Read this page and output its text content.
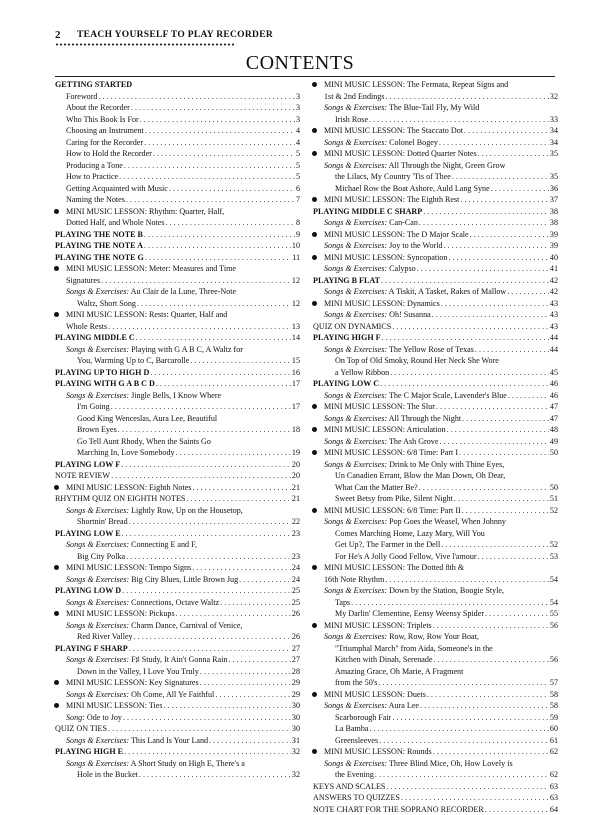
2 TEACH YOURSELF TO PLAY RECORDER
CONTENTS
GETTING STARTED
Foreword . . .	3
About the Recorder . . .	3
Who This Book Is For . . .	3
Choosing an Instrument . . .	4
Caring for the Recorder . . .	4
How to Hold the Recorder . . .	5
Producing a Tone . . .	5
How to Practice . . .	5
Getting Acquainted with Music . . .	6
Naming the Notes . . .	7
MINI MUSIC LESSON: Rhythm: Quarter, Half,
Dotted Half, and Whole Notes . . .	8
PLAYING THE NOTE B . . .	9
PLAYING THE NOTE A . . .	10
PLAYING THE NOTE G . . .	11
MINI MUSIC LESSON: Meter: Measures and Time
Signatures . . .	12
Songs & Exercises: Au Clair de la Lune, Three-Note
Waltz, Short Song . . .	12
MINI MUSIC LESSON: Rests: Quarter, Half and
Whole Rests . . .	13
PLAYING MIDDLE C . . .	14
Songs & Exercises: Playing with G A B C, A Waltz for
You, Warming Up to C, Barcarolle . . .	15
PLAYING UP TO HIGH D . . .	16
PLAYING WITH G A B C D . . .	17
Songs & Exercises: Jingle Bells, I Know Where
I'm Going . . .	17
Good King Wenceslas, Aura Lee, Beautiful
Brown Eyes . . .	18
Go Tell Aunt Rhody, When the Saints Go
Marching In, Love Somebody . . .	19
PLAYING LOW F . . .	20
NOTE REVIEW . . .	20
MINI MUSIC LESSON: Eighth Notes . . .	21
RHYTHM QUIZ ON EIGHTH NOTES . . .	21
Songs & Exercises: Lightly Row, Up on the Housetop,
Shortnin' Bread . . .	22
PLAYING LOW E . . .	23
Songs & Exercises: Connecting E and F,
Big City Polka . . .	23
MINI MUSIC LESSON: Tempo Signs . . .	24
Songs & Exercises: Big City Blues, Little Brown Jug . . .	24
PLAYING LOW D . . .	25
Songs & Exercises: Connections, Octave Waltz . . .	25
MINI MUSIC LESSON: Pickups . . .	26
Songs & Exercises: Charm Dance, Carnival of Venice,
Red River Valley . . .	26
PLAYING F SHARP . . .	27
Songs & Exercises: F♯ Study, It Ain't Gonna Rain . . .	27
Down in the Valley, I Love You Truly . . .	28
MINI MUSIC LESSON: Key Signatures . . .	29
Songs & Exercises: Oh Come, All Ye Faithful . . .	29
MINI MUSIC LESSON: Ties . . .	30
Song: Ode to Joy . . .	30
QUIZ ON TIES . . .	30
Songs & Exercises: This Land Is Your Land . . .	31
PLAYING HIGH E . . .	32
Songs & Exercises: A Short Study on High E, There's a
Hole in the Bucket . . .	32
MINI MUSIC LESSON: The Fermata, Repeat Signs and
1st & 2nd Endings . . .	32
Songs & Exercises: The Blue-Tail Fly, My Wild
Irish Rose . . .	33
MINI MUSIC LESSON: The Staccato Dot . . .	34
Songs & Exercises: Colonel Bogey . . .	34
MINI MUSIC LESSON: Dotted Quarter Notes . . .	35
Songs & Exercises: All Through the Night, Green Grow
the Lilacs, My Country 'Tis of Thee . . .	35
Michael Row the Boat Ashore, Auld Lang Syne . . .	36
MINI MUSIC LESSON: The Eighth Rest . . .	37
PLAYING MIDDLE C SHARP . . .	38
Songs & Exercises: Can-Can . . .	38
MINI MUSIC LESSON: The D Major Scale . . .	39
Songs & Exercises: Joy to the World . . .	39
MINI MUSIC LESSON: Syncopation . . .	40
Songs & Exercises: Calypso . . .	41
PLAYING B FLAT . . .	42
Songs & Exercises: A Tiskit, A Tasket, Rakes of Mallow . . .	42
MINI MUSIC LESSON: Dynamics . . .	43
Songs & Exercises: Oh! Susanna . . .	43
QUIZ ON DYNAMICS . . .	43
PLAYING HIGH F . . .	44
Songs & Exercises: The Yellow Rose of Texas . . .	44
On Top of Old Smoky, Round Her Neck She Wore
a Yellow Ribbon . . .	45
PLAYING LOW C . . .	46
Songs & Exercises: The C Major Scale, Lavender's Blue . . .	46
MINI MUSIC LESSON: The Slur . . .	47
Songs & Exercises: All Through the Night . . .	47
MINI MUSIC LESSON: Articulation . . .	48
Songs & Exercises: The Ash Grove . . .	49
MINI MUSIC LESSON: 6/8 Time: Part I . . .	50
Songs & Exercises: Drink to Me Only with Thine Eyes,
Un Canadien Errant, Blow the Man Down, Oh Dear,
What Can the Matter Be? . . .	50
Sweet Betsy from Pike, Silent Night . . .	51
MINI MUSIC LESSON: 6/8 Time: Part II . . .	52
Songs & Exercises: Pop Goes the Weasel, When Johnny
Comes Marching Home, Lazy Mary, Will You
Get Up?, The Farmer in the Dell . . .	52
For He's A Jolly Good Fellow, Vive l'amour . . .	53
MINI MUSIC LESSON: The Dotted 8th &
16th Note Rhythm . . .	54
Songs & Exercises: Down by the Station, Boogie Style,
Taps . . .	54
My Darlin' Clementine, Eensy Weensy Spider . . .	55
MINI MUSIC LESSON: Triplets . . .	56
Songs & Exercises: Row, Row, Row Your Boat,
"Triumphal March" from Aida, Someone's in the
Kitchen with Dinah, Serenade . . .	56
Amazing Grace, Oh Marie, A Fragment
from the 50's . . .	57
MINI MUSIC LESSON: Duets . . .	58
Songs & Exercises: Aura Lee . . .	58
Scarborough Fair . . .	59
La Bamba . . .	60
Greensleeves . . .	61
MINI MUSIC LESSON: Rounds . . .	62
Songs & Exercises: Three Blind Mice, Oh, How Lovely is
the Evening . . .	62
KEYS AND SCALES . . .	63
ANSWERS TO QUIZZES . . .	63
NOTE CHART FOR THE SOPRANO RECORDER . . .	64
